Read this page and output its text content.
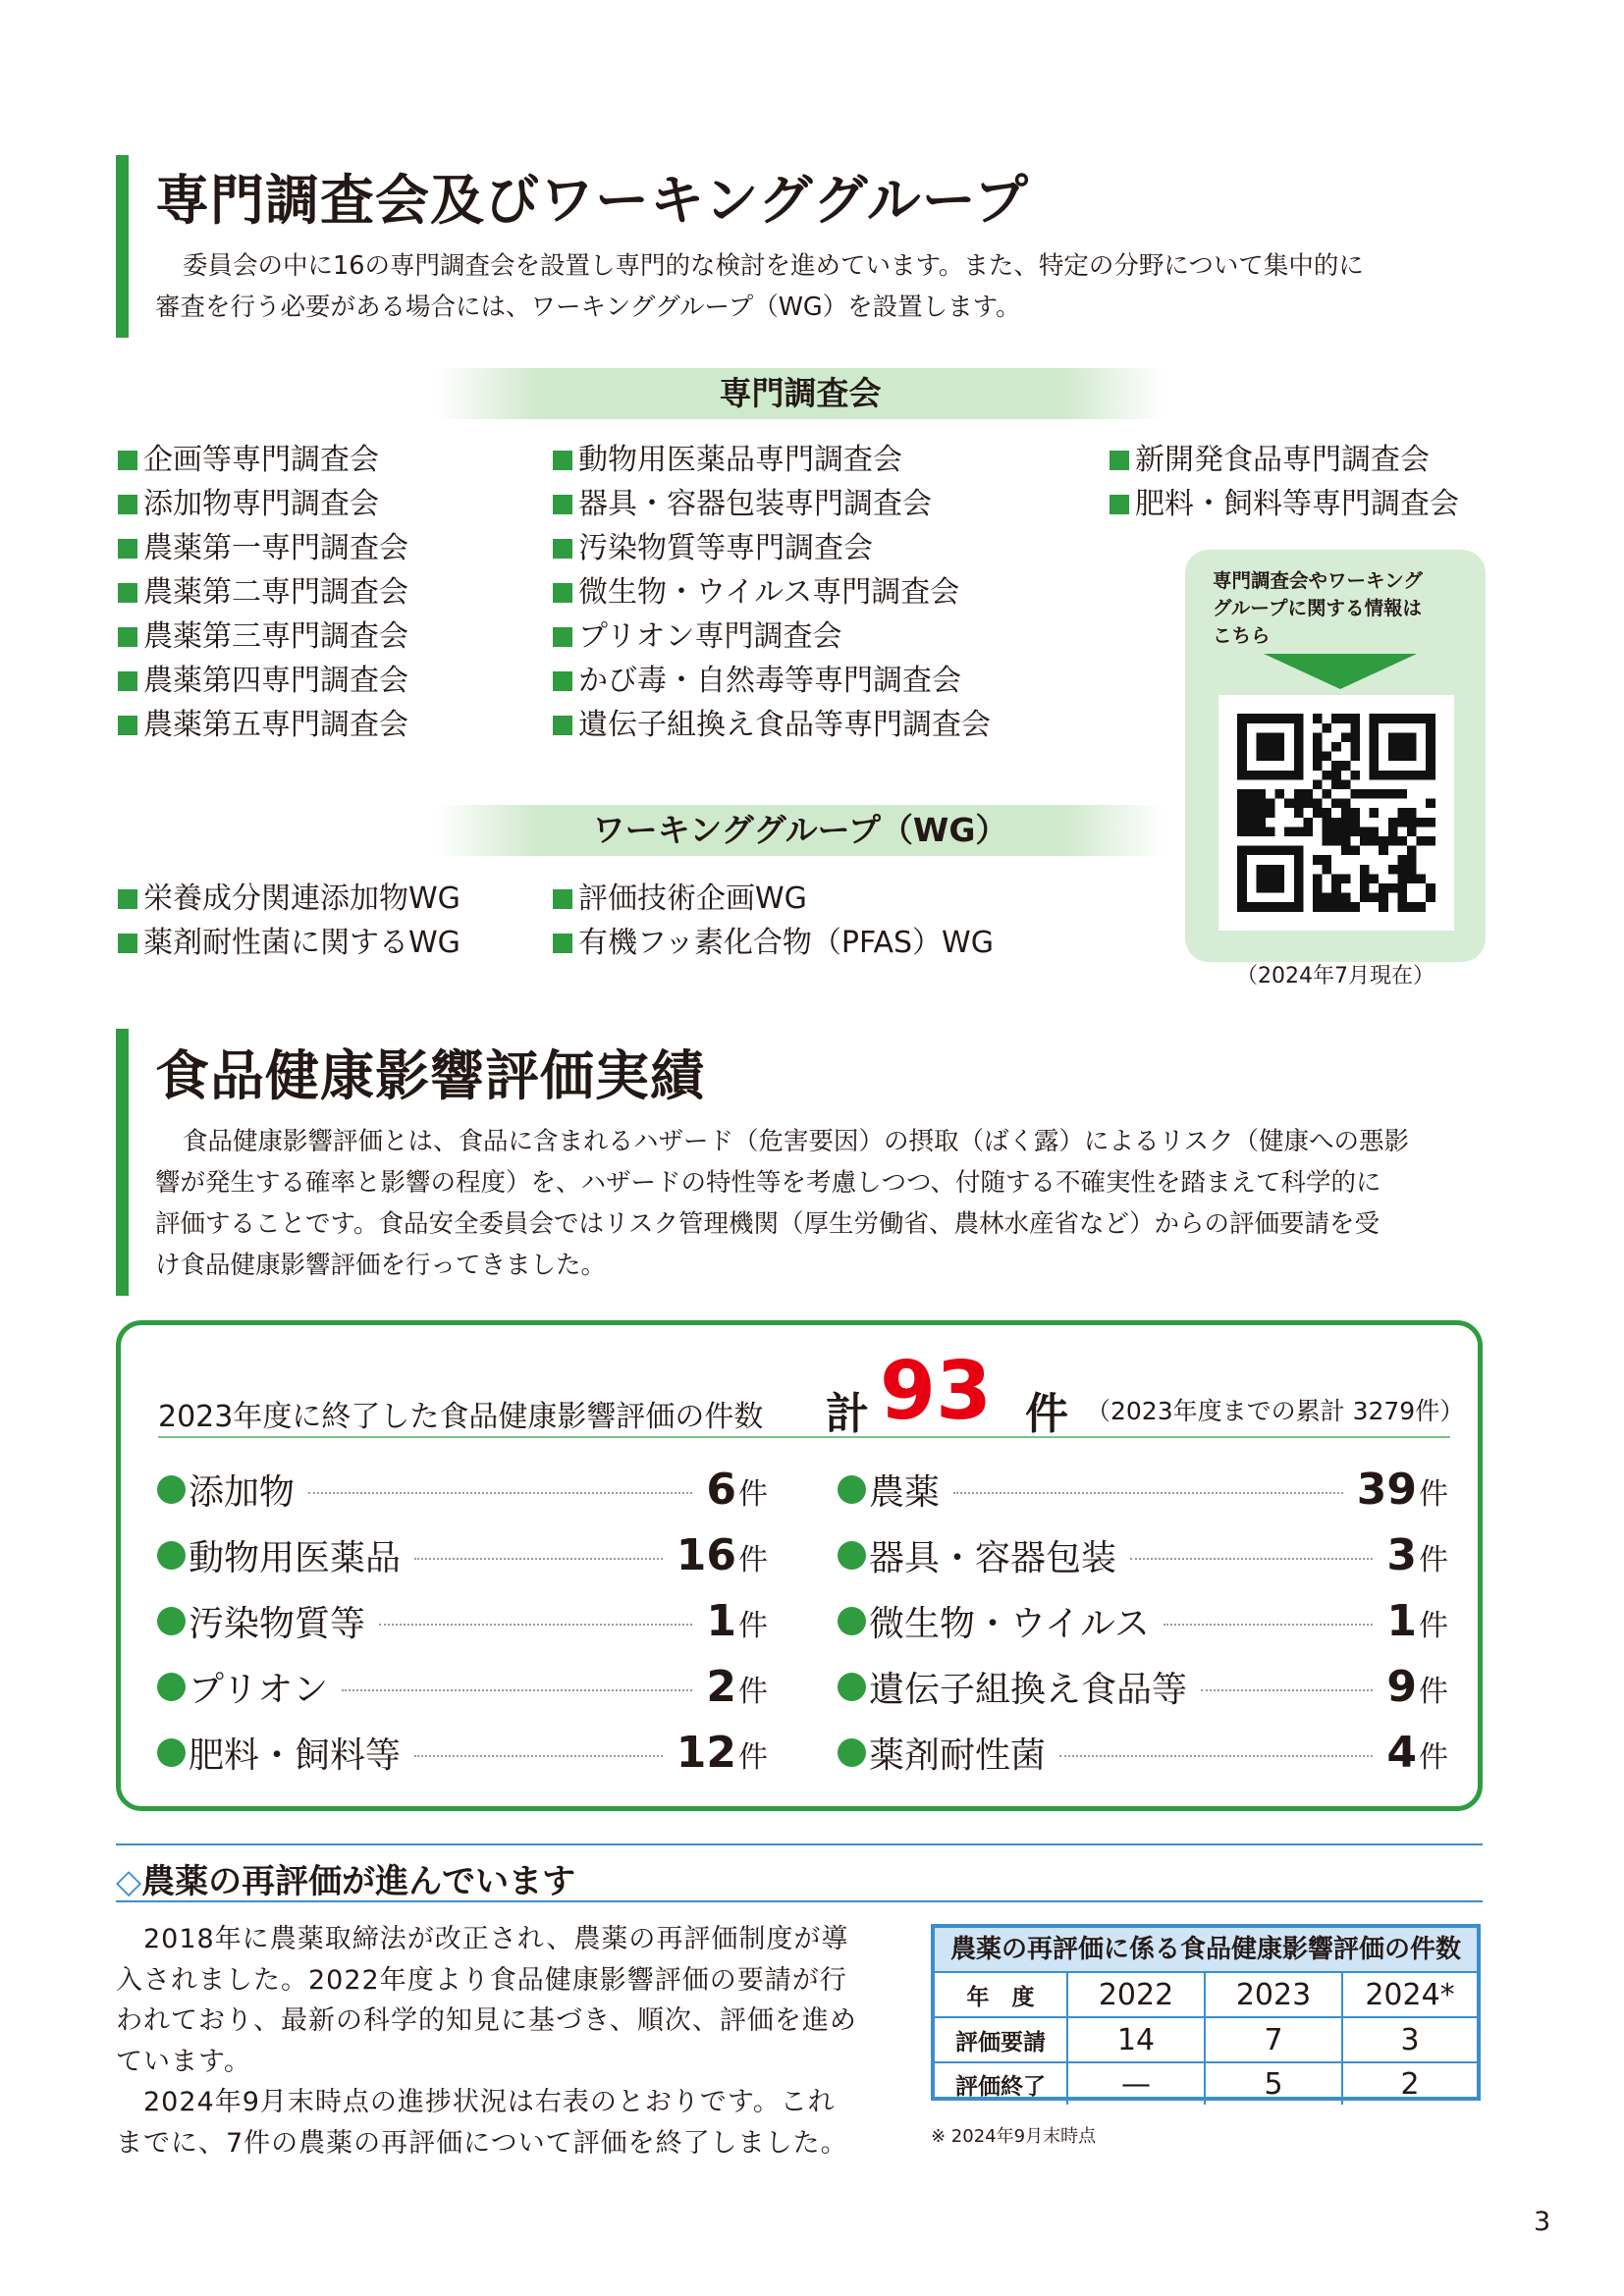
専門調査会及びワーキンググループ

委員会の中に16の専門調査会を設置し専門的な検討を進めています。また、特定の分野について集中的に
審査を行う必要がある場合には、ワーキンググループ（WG）を設置します。

専門調査会
企画等専門調査会
添加物専門調査会
農薬第一専門調査会
農薬第二専門調査会
農薬第三専門調査会
農薬第四専門調査会
農薬第五専門調査会
動物用医薬品専門調査会
器具・容器包装専門調査会
汚染物質等専門調査会
微生物・ウイルス専門調査会
プリオン専門調査会
かび毒・自然毒等専門調査会
遺伝子組換え食品等専門調査会
新開発食品専門調査会
肥料・飼料等専門調査会
ワーキンググループ（WG）
栄養成分関連添加物WG
薬剤耐性菌に関するWG
評価技術企画WG
有機フッ素化合物（PFAS）WG

専門調査会やワーキング
グループに関する情報は
こちら

（2024年7月現在）
食品健康影響評価実績

食品健康影響評価とは、食品に含まれるハザード（危害要因）の摂取（ばく露）によるリスク（健康への悪影
響が発生する確率と影響の程度）を、ハザードの特性等を考慮しつつ、付随する不確実性を踏まえて科学的に
評価することです。食品安全委員会ではリスク管理機関（厚生労働省、農林水産省など）からの評価要請を受
け食品健康影響評価を行ってきました。

2023年度に終了した食品健康影響評価の件数 計 93 件 （2023年度までの累計 3279件）
添加物	6件
動物用医薬品	16件
汚染物質等	1件
プリオン	2件
肥料・飼料等	12件
農薬	39件
器具・容器包装	3件
微生物・ウイルス	1件
遺伝子組換え食品等	9件
薬剤耐性菌	4件
◇農薬の再評価が進んでいます

　2018年に農薬取締法が改正され、農薬の再評価制度が導
入されました。2022年度より食品健康影響評価の要請が行
われており、最新の科学的知見に基づき、順次、評価を進め
ています。
　2024年9月末時点の進捗状況は右表のとおりです。これ
までに、7件の農薬の再評価について評価を終了しました。

農薬の再評価に係る食品健康影響評価の件数
年　度	2022	2023	2024*
評価要請	14	7	3
評価終了	—	5	2
※ 2024年9月末時点
3
